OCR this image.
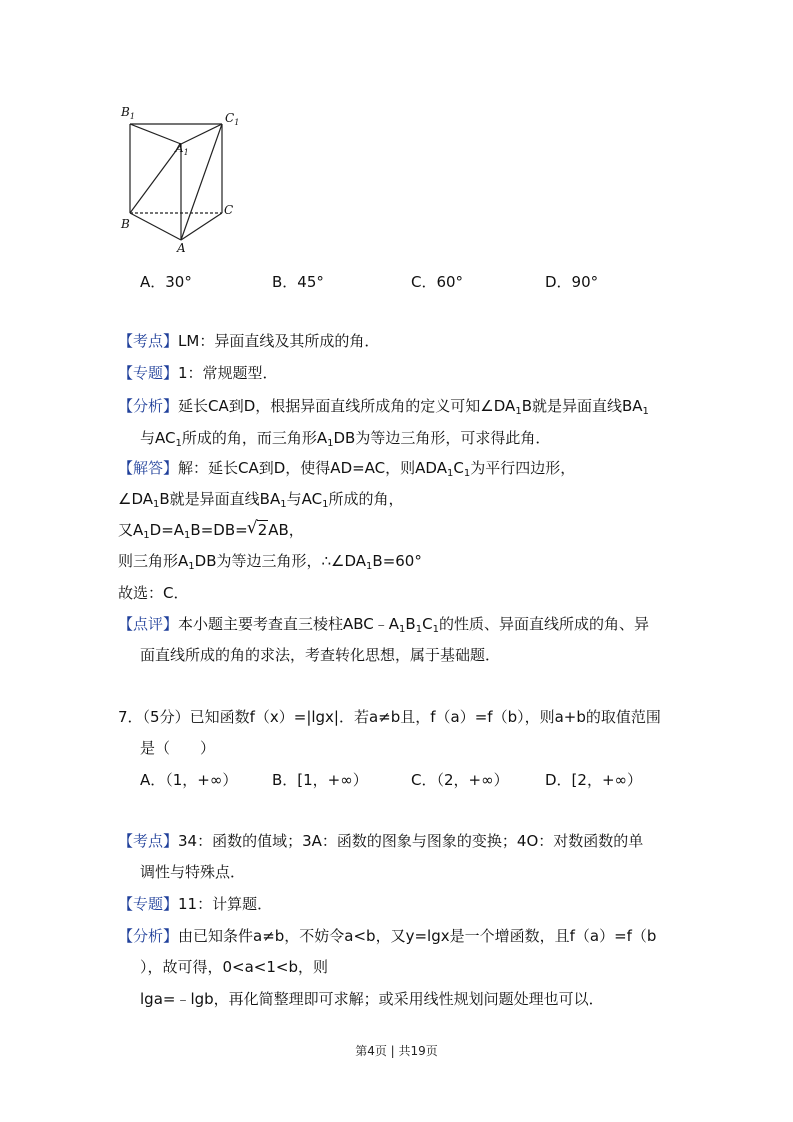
$B_1$	$C_1$
$A_1$
B
C
A
A．30°	B．45°	C．60°	D．90°
【考点】LM：异面直线及其所成的角．
【专题】1：常规题型．
【分析】延长CA到D，根据异面直线所成角的定义可知$\angle DA_1B$就是异面直线$BA_1$
与$AC_1$所成的角，而三角形$A_1DB$为等边三角形，可求得此角．
【解答】解：延长CA到D，使得AD=AC，则$ADA_1C_1$为平行四边形，
$\angle DA_1B$就是异面直线$BA_1$与$AC_1$所成的角，
又$A_1D=A_1B=DB=√$ 2AB，
则三角形$A_1DB$为等边三角形，$\therefore\angle DA_1B=60^\circ$
故选：C．
【点评】本小题主要考查直三棱柱$ABC﹣A_1B_1C_1$的性质、异面直线所成的角、异
面直线所成的角的求法，考查转化思想，属于基础题．
7．（5分）已知函数f（x）=|lgx|．若a≠b且，f（a）=f（b），则a+b的取值范围
是（　　）
A．（1，+∞） B．[1，+∞）	C．（2，+∞） D．[2，+∞）
【考点】34：函数的值域；3A：函数的图象与图象的变换；4O：对数函数的单
调性与特殊点．
【专题】11：计算题．
【分析】由已知条件a≠b，不妨令a<b，又y=lgx是一个增函数，且f（a）=f（b
），故可得，0<a<1<b，则
lga=﹣lgb，再化简整理即可求解；或采用线性规划问题处理也可以．
第4页 | 共19页
